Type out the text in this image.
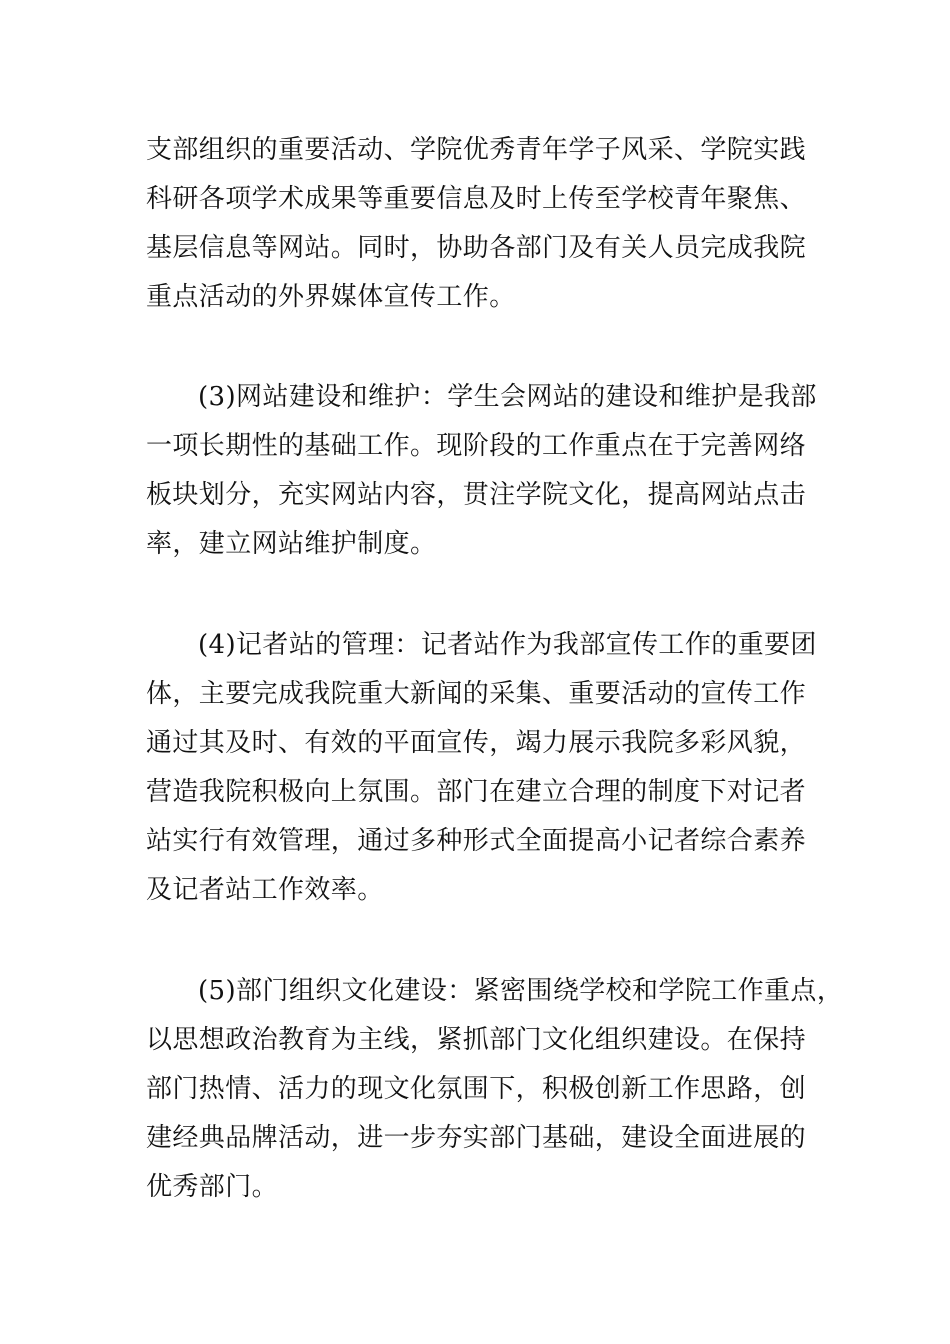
支部组织的重要活动、学院优秀青年学子风采、学院实践
科研各项学术成果等重要信息及时上传至学校青年聚焦、
基层信息等网站。同时，协助各部门及有关人员完成我院
重点活动的外界媒体宣传工作。
(3)网站建设和维护：学生会网站的建设和维护是我部
一项长期性的基础工作。现阶段的工作重点在于完善网络
板块划分，充实网站内容，贯注学院文化，提高网站点击
率，建立网站维护制度。
(4)记者站的管理：记者站作为我部宣传工作的重要团
体，主要完成我院重大新闻的采集、重要活动的宣传工作
通过其及时、有效的平面宣传，竭力展示我院多彩风貌，
营造我院积极向上氛围。部门在建立合理的制度下对记者
站实行有效管理，通过多种形式全面提高小记者综合素养
及记者站工作效率。
(5)部门组织文化建设：紧密围绕学校和学院工作重点，
以思想政治教育为主线，紧抓部门文化组织建设。在保持
部门热情、活力的现文化氛围下，积极创新工作思路，创
建经典品牌活动，进一步夯实部门基础，建设全面进展的
优秀部门。
